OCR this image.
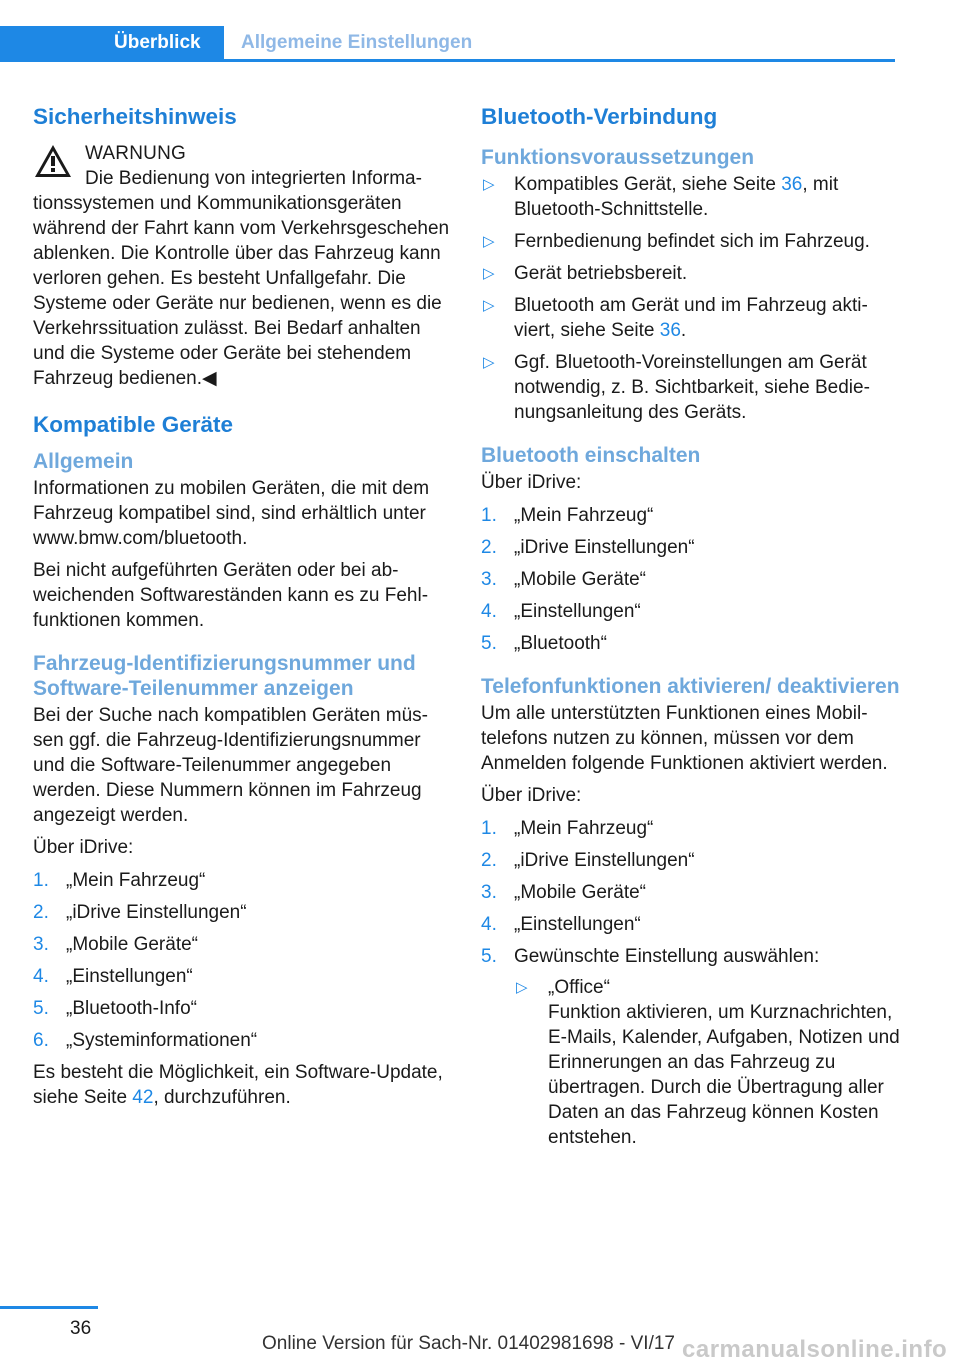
Überblick	Allgemeine Einstellungen
Sicherheitshinweis
WARNUNG
Die Bedienung von integrierten Informationssystemen und Kommunikationsgeräten während der Fahrt kann vom Verkehrsgeschehen ablenken. Die Kontrolle über das Fahrzeug kann verloren gehen. Es besteht Unfallgefahr. Die Systeme oder Geräte nur bedienen, wenn es die Verkehrssituation zulässt. Bei Bedarf anhalten und die Systeme oder Geräte bei stehendem Fahrzeug bedienen.◀
Kompatible Geräte
Allgemein

Informationen zu mobilen Geräten, die mit dem Fahrzeug kompatibel sind, sind erhältlich unter www.bmw.com/bluetooth.

Bei nicht aufgeführten Geräten oder bei abweichenden Softwareständen kann es zu Fehlfunktionen kommen.

Fahrzeug-Identifizierungsnummer und Software-Teilenummer anzeigen

Bei der Suche nach kompatiblen Geräten müssen ggf. die Fahrzeug-Identifizierungsnummer und die Software-Teilenummer angegeben werden. Diese Nummern können im Fahrzeug angezeigt werden.

Über iDrive:

1. „Mein Fahrzeug“
2. „iDrive Einstellungen“
3. „Mobile Geräte“
4. „Einstellungen“
5. „Bluetooth-Info“
6. „Systeminformationen“

Es besteht die Möglichkeit, ein Software-Update, siehe Seite 42, durchzuführen.

Bluetooth-Verbindung
Funktionsvoraussetzungen
▷ Kompatibles Gerät, siehe Seite 36, mit Bluetooth-Schnittstelle.
▷ Fernbedienung befindet sich im Fahrzeug.
▷ Gerät betriebsbereit.
▷ Bluetooth am Gerät und im Fahrzeug aktiviert, siehe Seite 36.
▷ Ggf. Bluetooth-Voreinstellungen am Gerät notwendig, z. B. Sichtbarkeit, siehe Bedienungsanleitung des Geräts.
Bluetooth einschalten

Über iDrive:

1. „Mein Fahrzeug“
2. „iDrive Einstellungen“
3. „Mobile Geräte“
4. „Einstellungen“
5. „Bluetooth“
Telefonfunktionen aktivieren/ deaktivieren

Um alle unterstützten Funktionen eines Mobiltelefons nutzen zu können, müssen vor dem Anmelden folgende Funktionen aktiviert werden.

Über iDrive:

1. „Mein Fahrzeug“
2. „iDrive Einstellungen“
3. „Mobile Geräte“
4. „Einstellungen“
5. Gewünschte Einstellung auswählen:
▷ „Office“
Funktion aktivieren, um Kurznachrichten, E-Mails, Kalender, Aufgaben, Notizen und Erinnerungen an das Fahrzeug zu übertragen. Durch die Übertragung aller Daten an das Fahrzeug können Kosten entstehen.
36
Online Version für Sach-Nr. 01402981698 - VI/17 carmanualsonline.info
